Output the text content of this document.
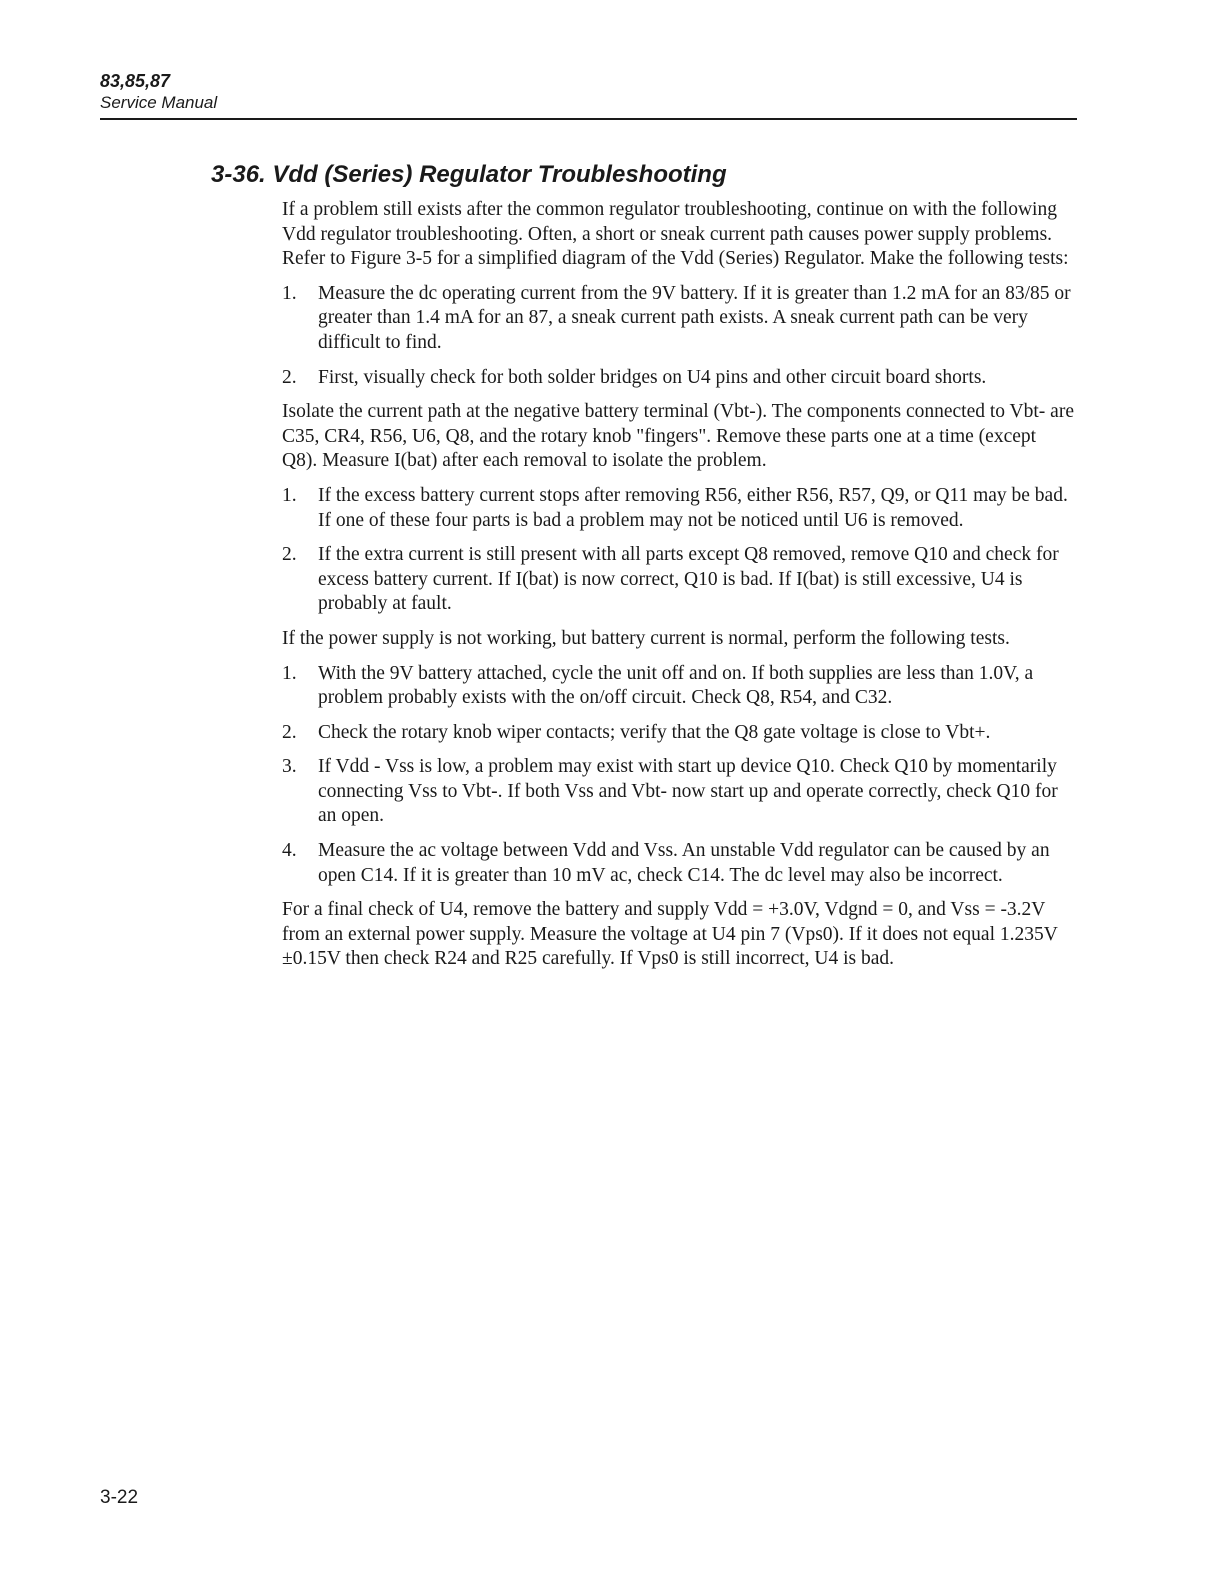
83,85,87
Service Manual
3-36. Vdd (Series) Regulator Troubleshooting

If a problem still exists after the common regulator troubleshooting, continue on with the following Vdd regulator troubleshooting. Often, a short or sneak current path causes power supply problems. Refer to Figure 3-5 for a simplified diagram of the Vdd (Series) Regulator. Make the following tests:

1. Measure the dc operating current from the 9V battery. If it is greater than 1.2 mA for an 83/85 or greater than 1.4 mA for an 87, a sneak current path exists. A sneak current path can be very difficult to find.
2. First, visually check for both solder bridges on U4 pins and other circuit board shorts.

Isolate the current path at the negative battery terminal (Vbt-). The components connected to Vbt- are C35, CR4, R56, U6, Q8, and the rotary knob "fingers". Remove these parts one at a time (except Q8). Measure I(bat) after each removal to isolate the problem.

1. If the excess battery current stops after removing R56, either R56, R57, Q9, or Q11 may be bad. If one of these four parts is bad a problem may not be noticed until U6 is removed.
2. If the extra current is still present with all parts except Q8 removed, remove Q10 and check for excess battery current. If I(bat) is now correct, Q10 is bad. If I(bat) is still excessive, U4 is probably at fault.

If the power supply is not working, but battery current is normal, perform the following tests.

1. With the 9V battery attached, cycle the unit off and on. If both supplies are less than 1.0V, a problem probably exists with the on/off circuit. Check Q8, R54, and C32.
2. Check the rotary knob wiper contacts; verify that the Q8 gate voltage is close to Vbt+.
3. If Vdd - Vss is low, a problem may exist with start up device Q10. Check Q10 by momentarily connecting Vss to Vbt-. If both Vss and Vbt- now start up and operate correctly, check Q10 for an open.
4. Measure the ac voltage between Vdd and Vss. An unstable Vdd regulator can be caused by an open C14. If it is greater than 10 mV ac, check C14. The dc level may also be incorrect.

For a final check of U4, remove the battery and supply Vdd = +3.0V, Vdgnd = 0, and Vss = -3.2V from an external power supply. Measure the voltage at U4 pin 7 (Vps0). If it does not equal 1.235V ±0.15V then check R24 and R25 carefully. If Vps0 is still incorrect, U4 is bad.

3-22
